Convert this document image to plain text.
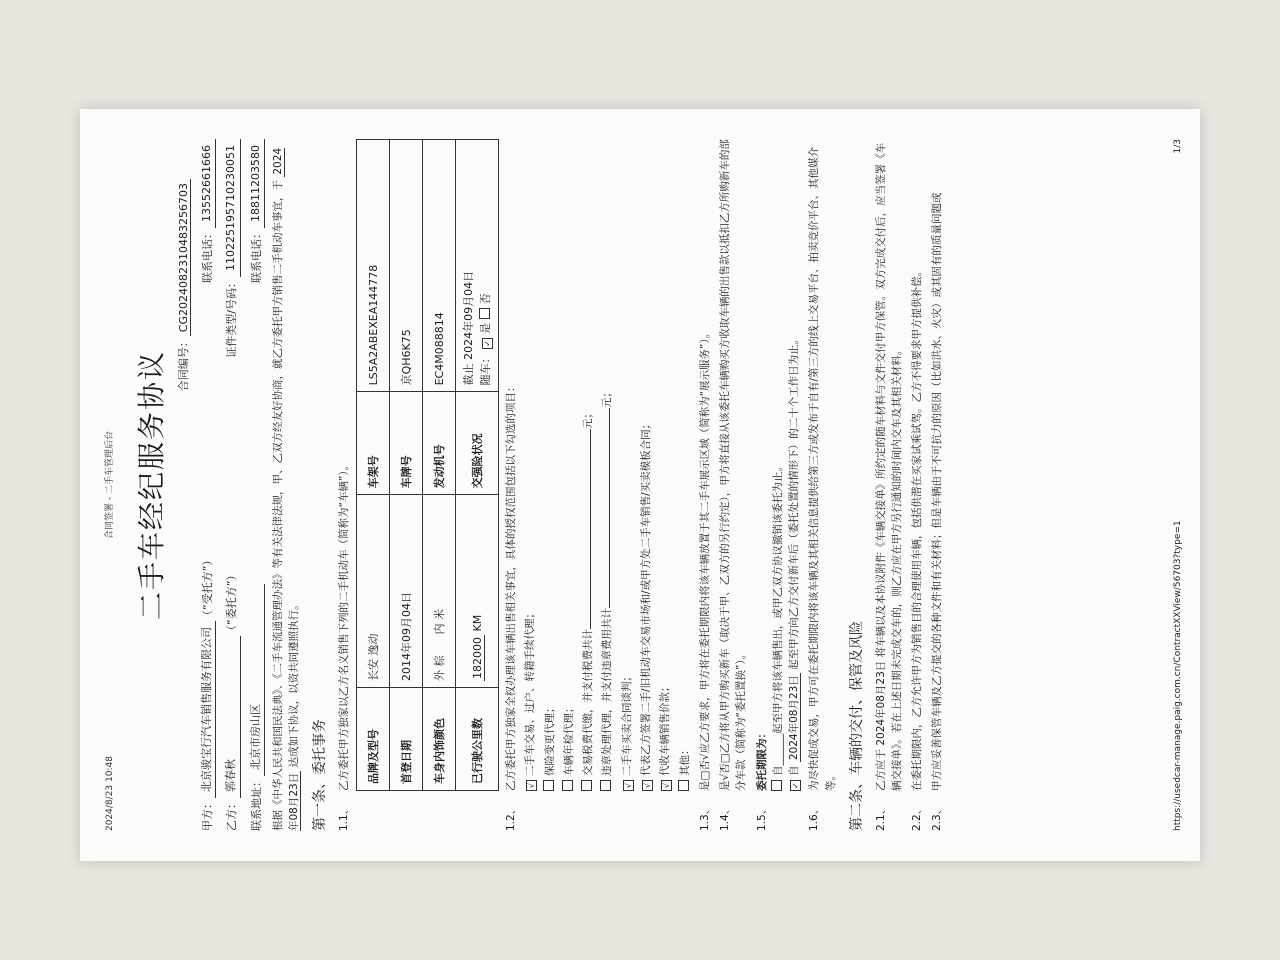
2024/8/23 10:48
合同签署 - 二手车管理后台 二手车经纪服务协议 合同编号：CG2024082310483256703
甲方：
北京骏宝行汽车销售服务有限公司
（“受托方”）
联系电话：
13552661666
乙方：
郭春秋
（“委托方”）
证件类型/号码：
110225195710230051
联系地址：
北京市房山区
联系电话：
18811203580 根据《中华人民共和国民法典》、《二手车流通管理办法》等有关法律法规，甲、乙双方经友好协商，就乙方委托甲方销售二手机动车事宜，于 2024年08月23日 达成如下协议，以资共同遵照执行。
第一条、委托事务 1.1、
乙方委托甲方独家以乙方名义销售下列的二手机动车（简称为“车辆”）。 品牌及型号	长安 逸动	车架号	LS5A2ABEXEA144778
首登日期	2014年09月04日	车牌号	京QH6K75
车身内饰颜色	外 棕      内 米	发动机号	EC4M088814
已行驶公里数	182000 KM	交强险状况	截止 2024年09月04日 随车： ✓是 否
1.2、
乙方委托甲方独家全权办理该车辆出售相关事宜，具体的授权范围包括以下勾选的项目：	√二手车交易、过户、转籍手续代理； 保险变更代理； 车辆年检代理； 交易税费代缴，并支付税费共计元；
违章处理代理，并支付违章费用共计元；
√二手车买卖合同谈判；
√代表乙方签署二手/旧机动车交易市场和/或甲方处二手车销售/买卖模板合同；
√代收车辆销售价款； 其他：
1.3、
是□否√应乙方要求，甲方将在委托期限内将该车辆放置于其二手车展示区域（简称为“展示服务”）。
1.4、
是√否□乙方将从甲方购买新车（取决于甲、乙双方的另行约定），甲方将直接从该委托车辆购买方收取车辆的出售款以抵扣乙方所购新车的部分车款（简称为“委托置换”）。
1.5、
委托期限为： 自______起至甲方将该车辆售出，或甲乙双方协议撤销该委托为止。
✓自 2024年08月23日 起至甲方向乙方交付新车后（委托处置的情形下）的二十个工作日为止。
1.6、
为尽快促成交易，甲方可在委托期限内将该车辆及其相关信息提供给第三方或发布于自有/第三方的线上交易平台、拍卖竞价平台、其他媒介等。 第二条、车辆的交付、保管及风险 2.1、
乙方应于 2024年08月23日 将车辆以及本协议附件《车辆交接单》所约定的随车材料与文件交付甲方保管。双方完成交付后，应当签署《车辆交接单》。若在上述日期未完成交车的，则乙方应在甲方另行通知的时间内交车及其相关材料。
2.2、
在委托期限内，乙方允许甲方为销售目的合理使用车辆，包括供潜在买家试乘试驾。乙方不得要求甲方提供补偿。
2.3、
甲方应妥善保管车辆及乙方提交的各种文件和有关材料；但是车辆由于不可抗力的原因（比如洪水、火灾）或其固有的质量问题或	https://usedcar-manage.paig.com.cn/ContractXXView/56703?type=1
1/3
